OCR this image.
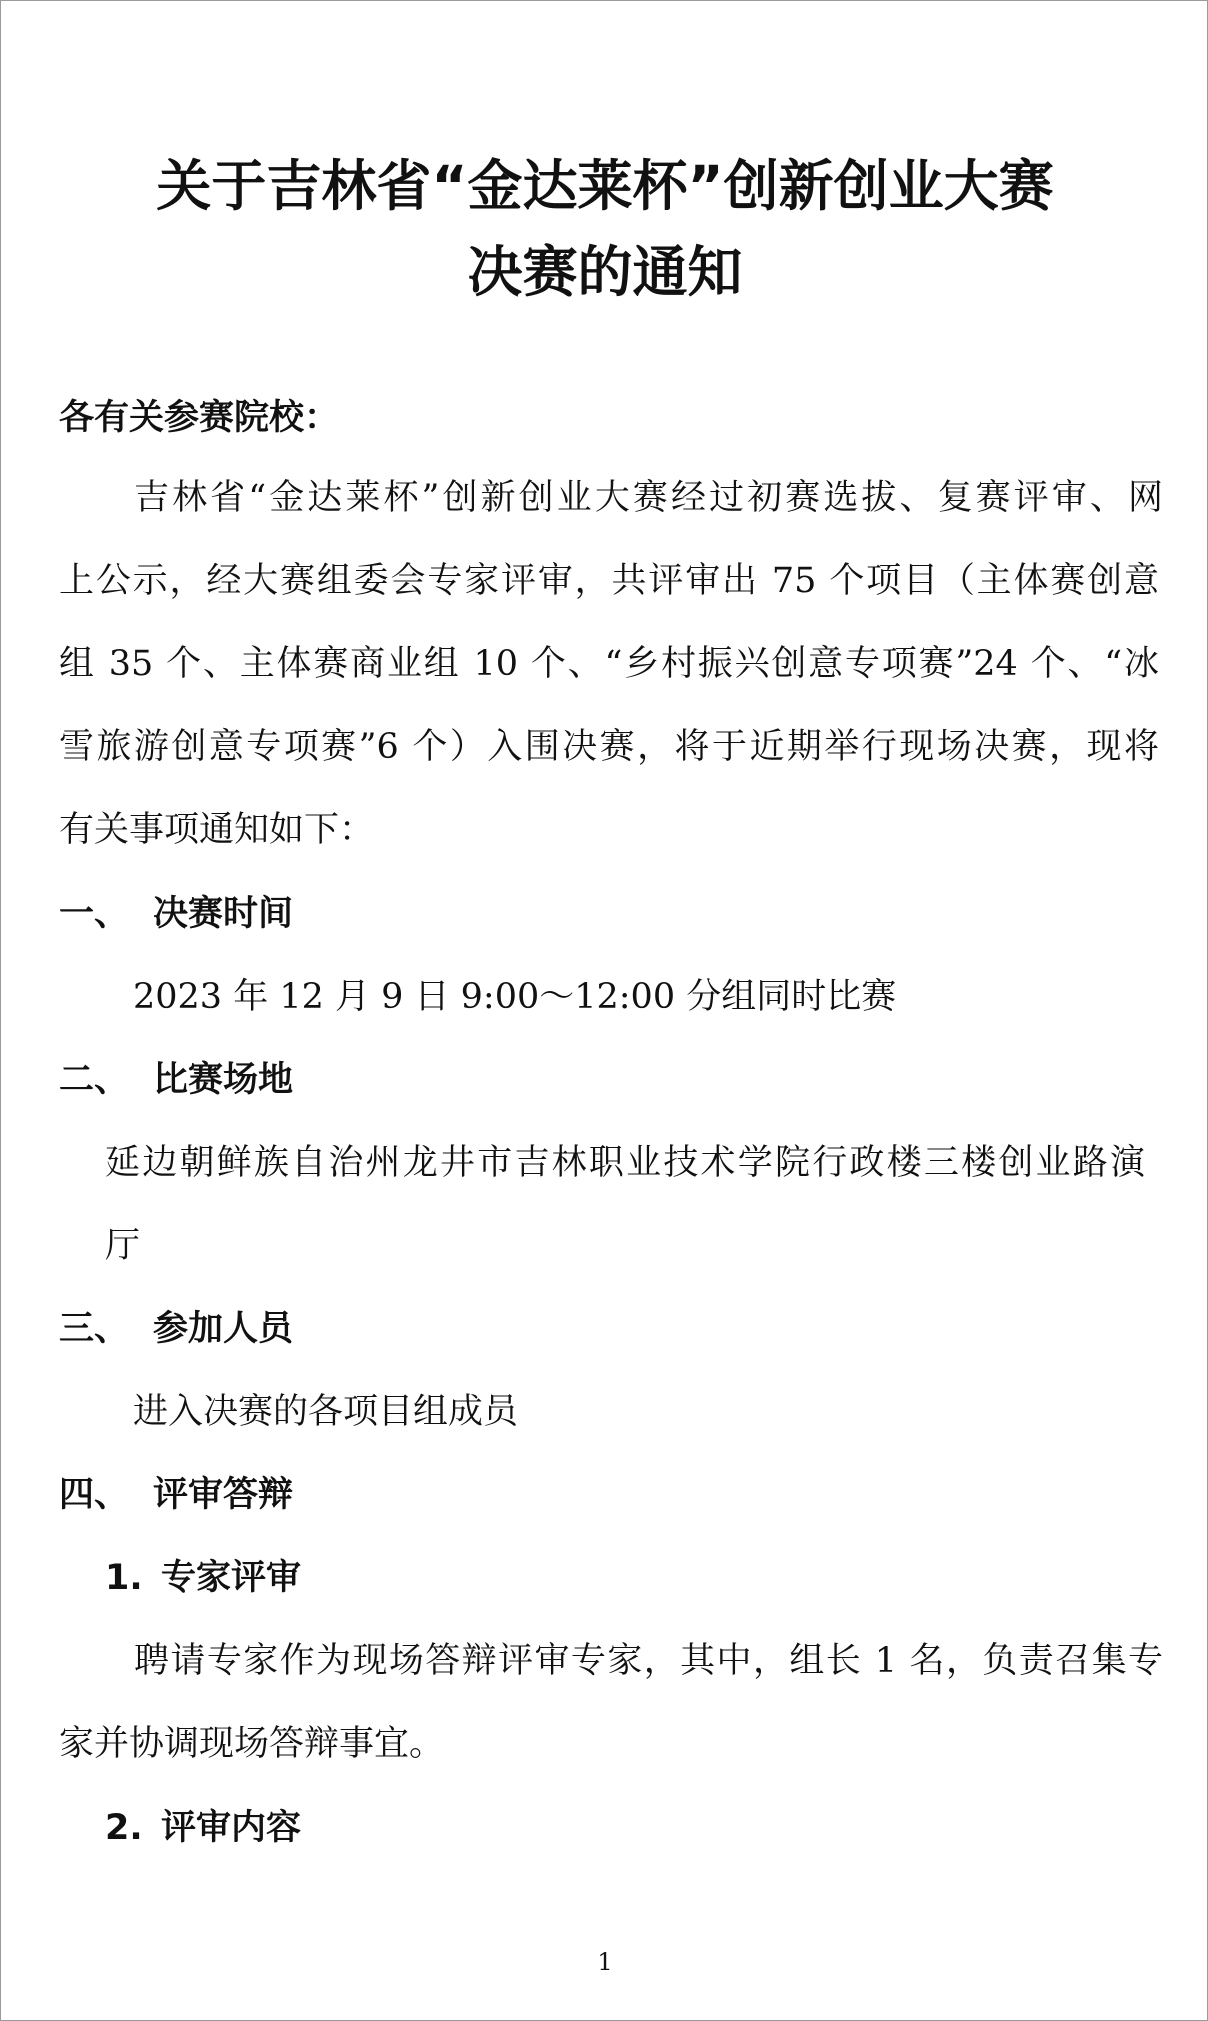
关于吉林省“金达莱杯”创新创业大赛
决赛的通知
各有关参赛院校：
吉林省“金达莱杯”创新创业大赛经过初赛选拔、复赛评审、网
上公示，经大赛组委会专家评审，共评审出 75 个项目（主体赛创意
组 35 个、主体赛商业组 10 个、“乡村振兴创意专项赛”24 个、“冰
雪旅游创意专项赛”6 个）入围决赛，将于近期举行现场决赛，现将
有关事项通知如下：
一、 决赛时间
2023 年 12 月 9 日 9:00～12:00 分组同时比赛
二、 比赛场地
延边朝鲜族自治州龙井市吉林职业技术学院行政楼三楼创业路演
厅
三、 参加人员
进入决赛的各项目组成员
四、 评审答辩
1. 专家评审
聘请专家作为现场答辩评审专家，其中，组长 1 名，负责召集专
家并协调现场答辩事宜。
2. 评审内容
1
